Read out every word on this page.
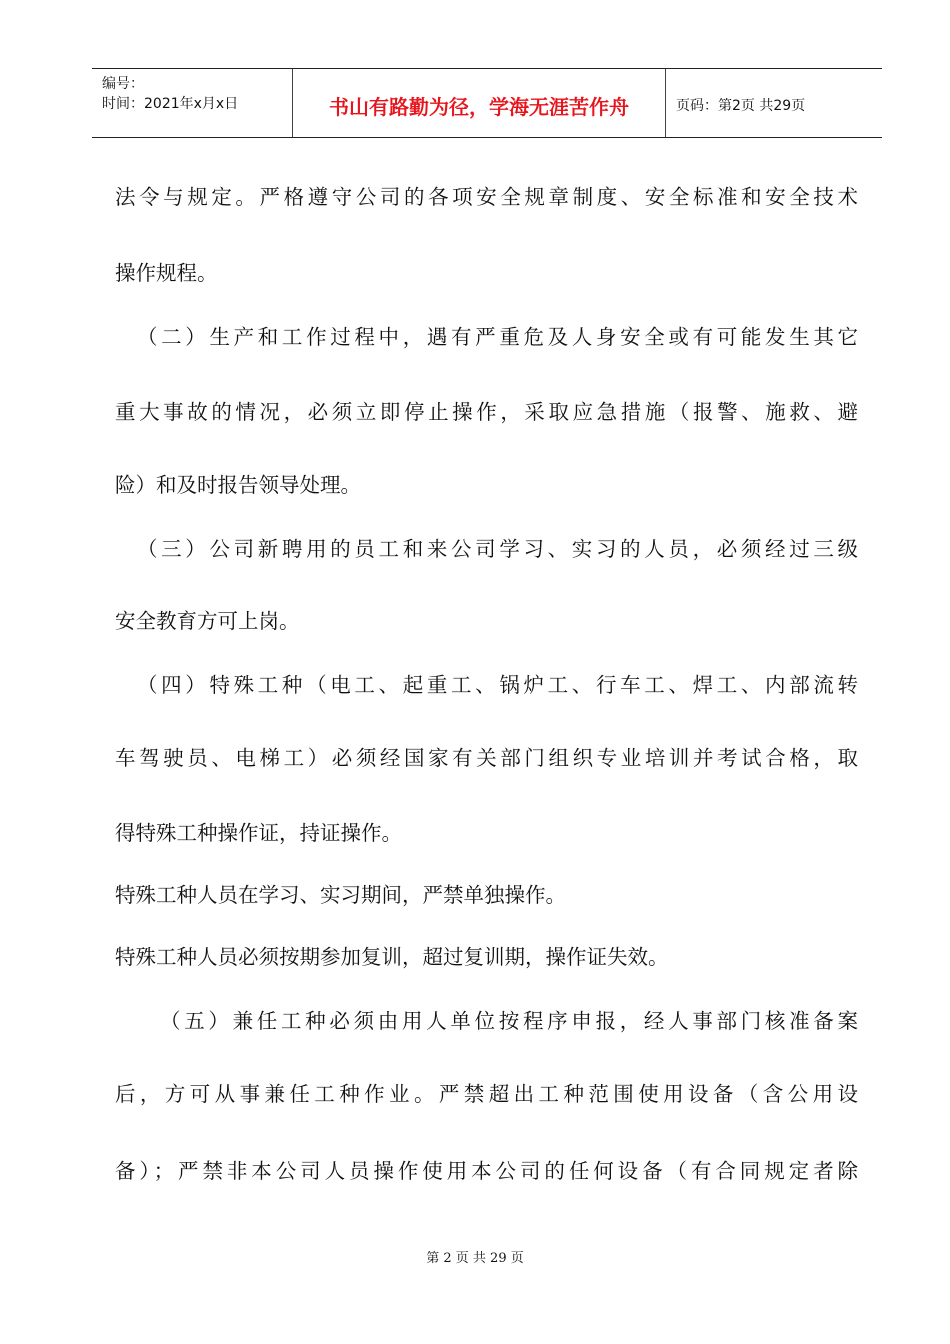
编号：
时间：2021年x月x日	书山有路勤为径，学海无涯苦作舟	页码：第2页 共29页
法令与规定。严格遵守公司的各项安全规章制度、安全标准和安全技术
操作规程。
（二）生产和工作过程中，遇有严重危及人身安全或有可能发生其它
重大事故的情况，必须立即停止操作，采取应急措施（报警、施救、避
险）和及时报告领导处理。
（三）公司新聘用的员工和来公司学习、实习的人员，必须经过三级
安全教育方可上岗。
（四）特殊工种（电工、起重工、锅炉工、行车工、焊工、内部流转
车驾驶员、电梯工）必须经国家有关部门组织专业培训并考试合格，取
得特殊工种操作证，持证操作。
特殊工种人员在学习、实习期间，严禁单独操作。
特殊工种人员必须按期参加复训，超过复训期，操作证失效。
（五）兼任工种必须由用人单位按程序申报，经人事部门核准备案
后，方可从事兼任工种作业。严禁超出工种范围使用设备（含公用设
备）；严禁非本公司人员操作使用本公司的任何设备（有合同规定者除
第 2 页 共 29 页
